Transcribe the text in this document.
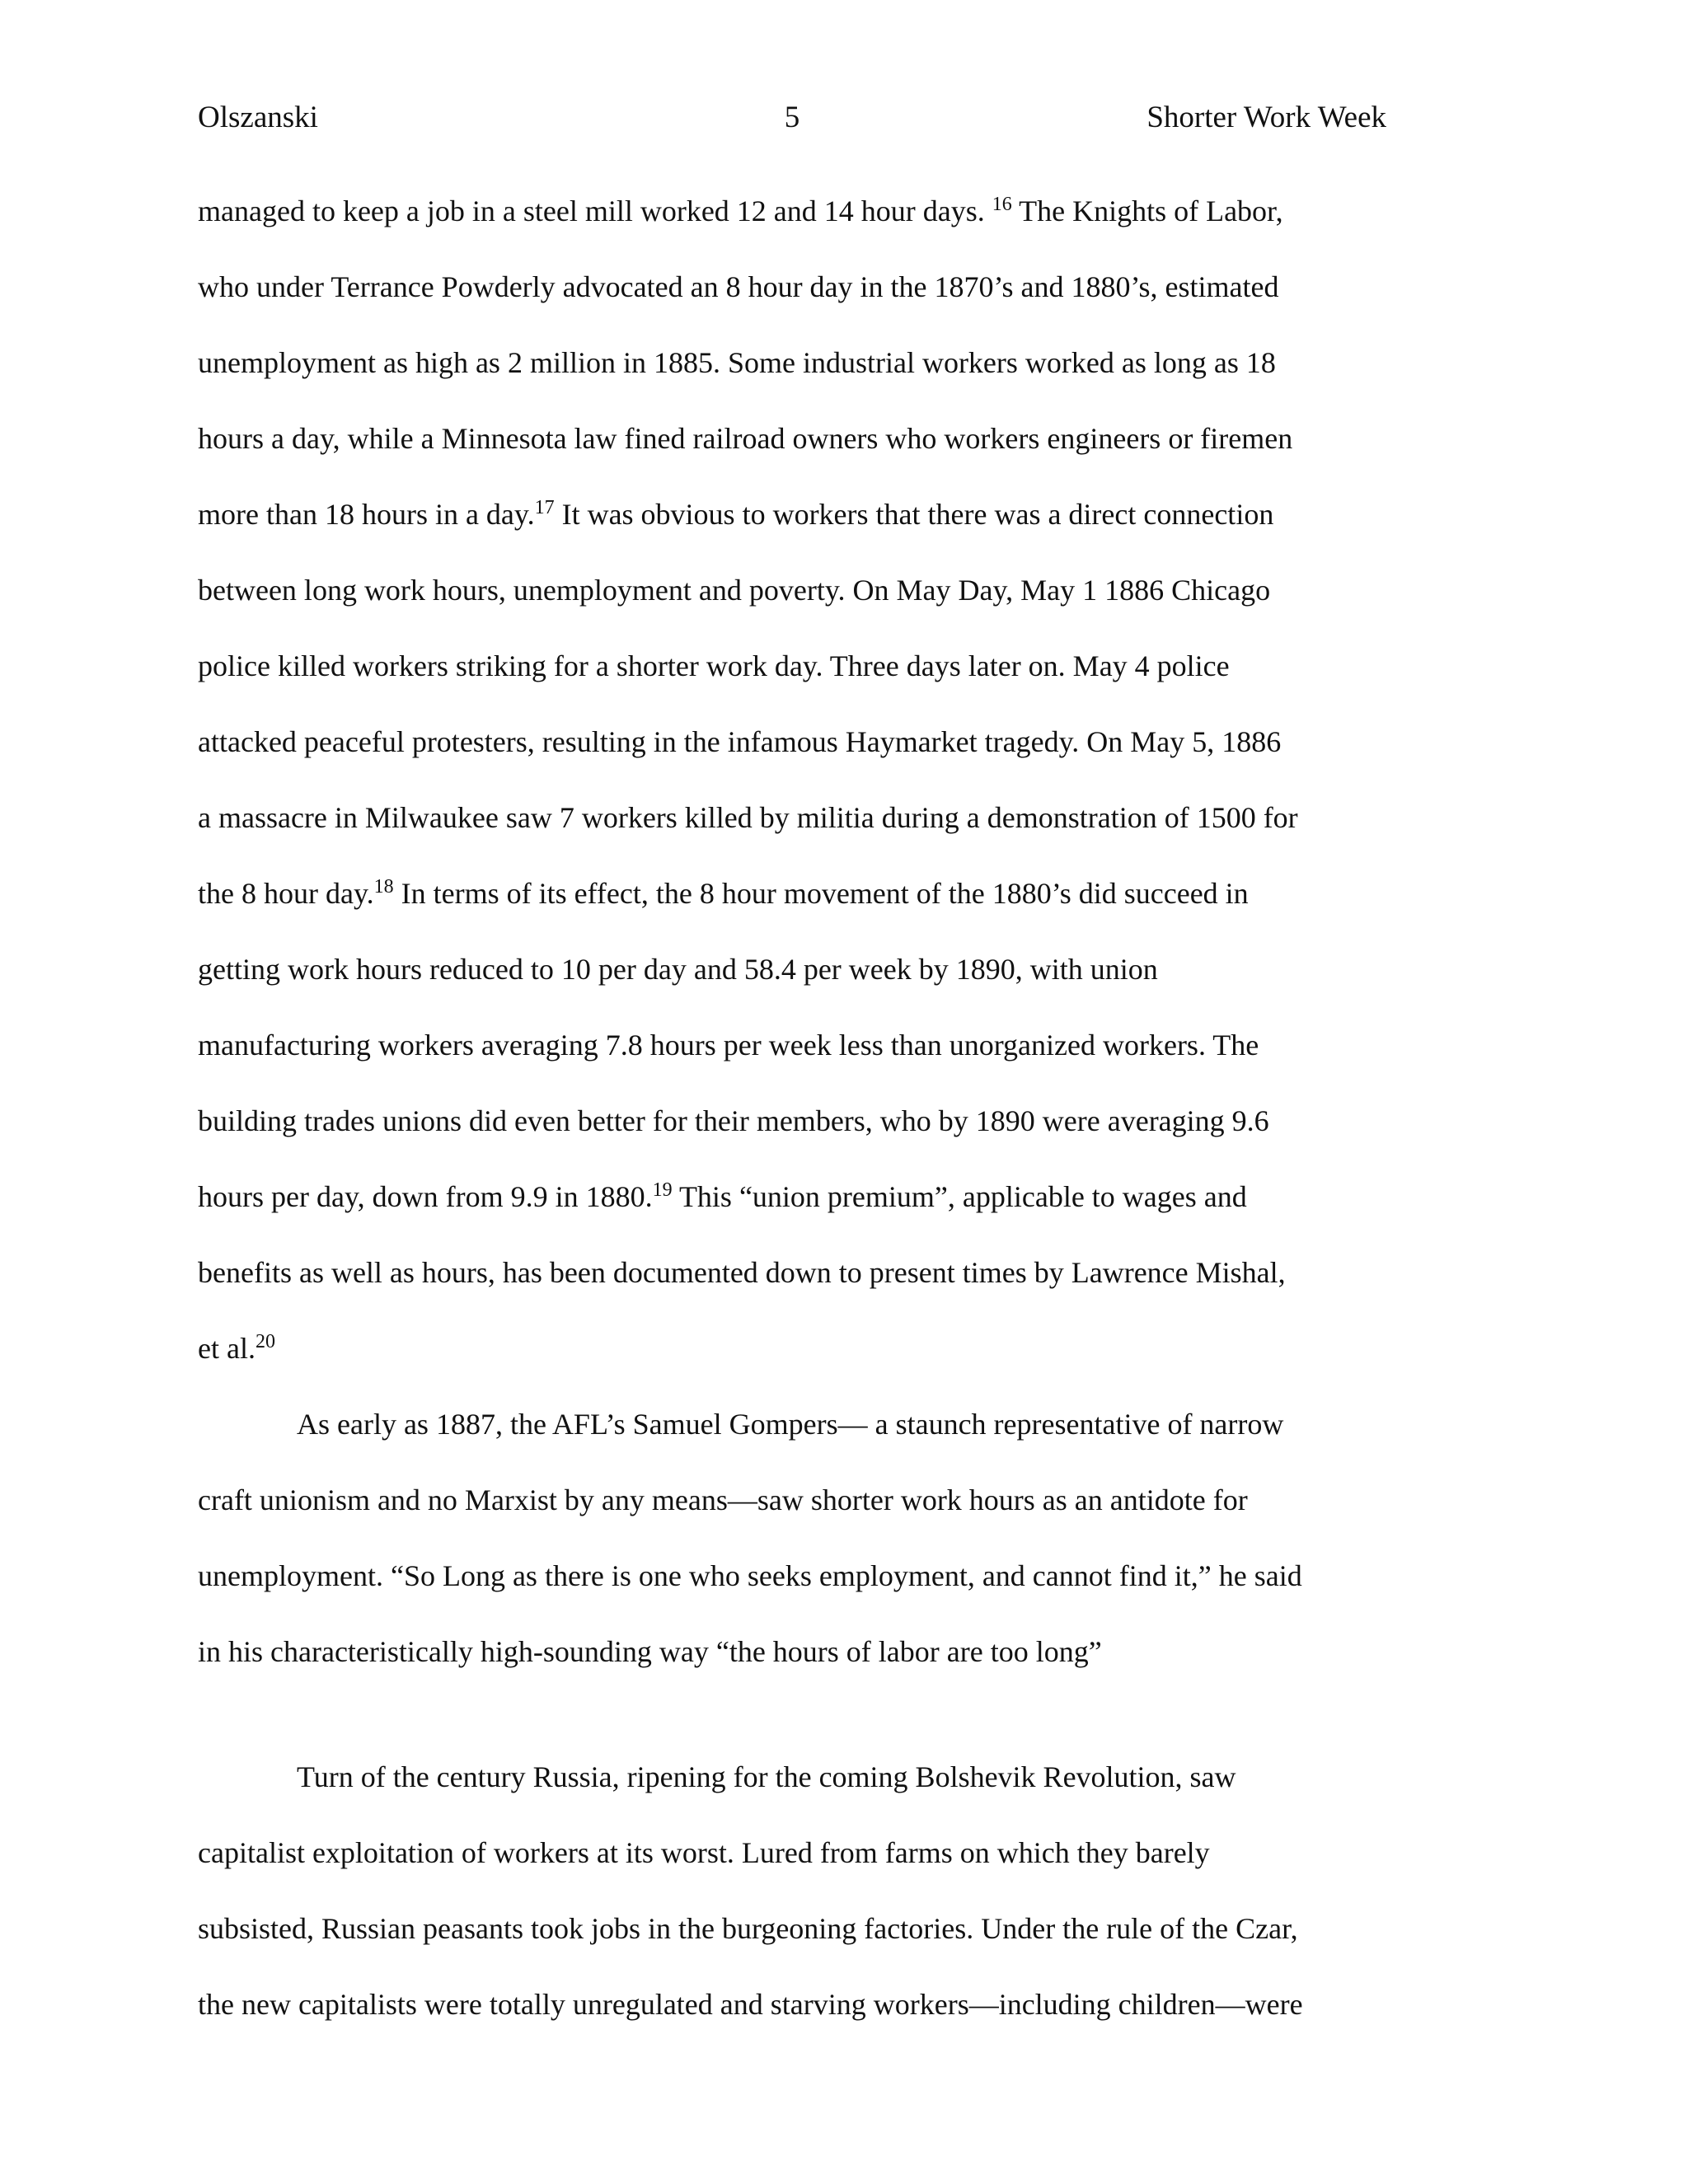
Olszanski	5	Shorter Work Week
managed to keep a job in a steel mill worked 12 and 14 hour days. $^{16}$ The Knights of Labor,
who under Terrance Powderly advocated an 8 hour day in the 1870’s and 1880’s, estimated
unemployment as high as 2 million in 1885. Some industrial workers worked as long as 18
hours a day, while a Minnesota law fined railroad owners who workers engineers or firemen
more than 18 hours in a day.$^{17}$ It was obvious to workers that there was a direct connection
between long work hours, unemployment and poverty. On May Day, May 1 1886 Chicago
police killed workers striking for a shorter work day. Three days later on. May 4 police
attacked peaceful protesters, resulting in the infamous Haymarket tragedy. On May 5, 1886
a massacre in Milwaukee saw 7 workers killed by militia during a demonstration of 1500 for
the 8 hour day.$^{18}$ In terms of its effect, the 8 hour movement of the 1880’s did succeed in
getting work hours reduced to 10 per day and 58.4 per week by 1890, with union
manufacturing workers averaging 7.8 hours per week less than unorganized workers. The
building trades unions did even better for their members, who by 1890 were averaging 9.6
hours per day, down from 9.9 in 1880.19 This “union premium”, applicable to wages and
benefits as well as hours, has been documented down to present times by Lawrence Mishal,
et al.$^{20}$
As early as 1887, the AFL’s Samuel Gompers— a staunch representative of narrow
craft unionism and no Marxist by any means—saw shorter work hours as an antidote for
unemployment. “So Long as there is one who seeks employment, and cannot find it,” he said
in his characteristically high-sounding way “the hours of labor are too long”
Turn of the century Russia, ripening for the coming Bolshevik Revolution, saw
capitalist exploitation of workers at its worst. Lured from farms on which they barely
subsisted, Russian peasants took jobs in the burgeoning factories. Under the rule of the Czar,
the new capitalists were totally unregulated and starving workers—including children—were
